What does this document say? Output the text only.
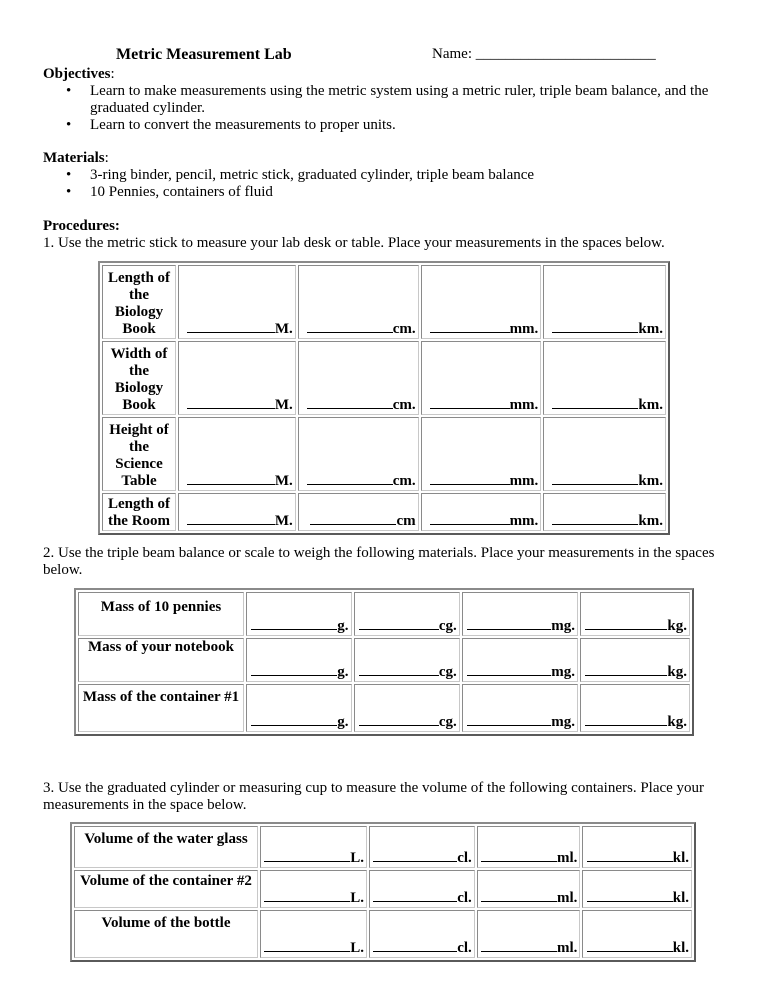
Metric Measurement Lab	Name: ________________________
Objectives:
• Learn to make measurements using the metric system using a metric ruler, triple beam balance, and the graduated cylinder.
• Learn to convert the measurements to proper units.
Materials:
• 3-ring binder, pencil, metric stick, graduated cylinder, triple beam balance
• 10 Pennies, containers of fluid
Procedures:
1. Use the metric stick to measure your lab desk or table. Place your measurements in the spaces below.
Length of the Biology Book	M.	cm.	mm.	km.
Width of the Biology Book	M.	cm.	mm.	km.
Height of the Science Table	M.	cm.	mm.	km.
Length of the Room	M.	cm	mm.	km.
2. Use the triple beam balance or scale to weigh the following materials. Place your measurements in the spaces below.
Mass of 10 pennies	g.	cg.	mg.	kg.
Mass of your notebook	g.	cg.	mg.	kg.
Mass of the container #1	g.	cg.	mg.	kg.
3. Use the graduated cylinder or measuring cup to measure the volume of the following containers. Place your measurements in the space below.
Volume of the water glass	L.	cl.	ml.	kl.
Volume of the container #2	L.	cl.	ml.	kl.
Volume of the bottle	L.	cl.	ml.	kl.
